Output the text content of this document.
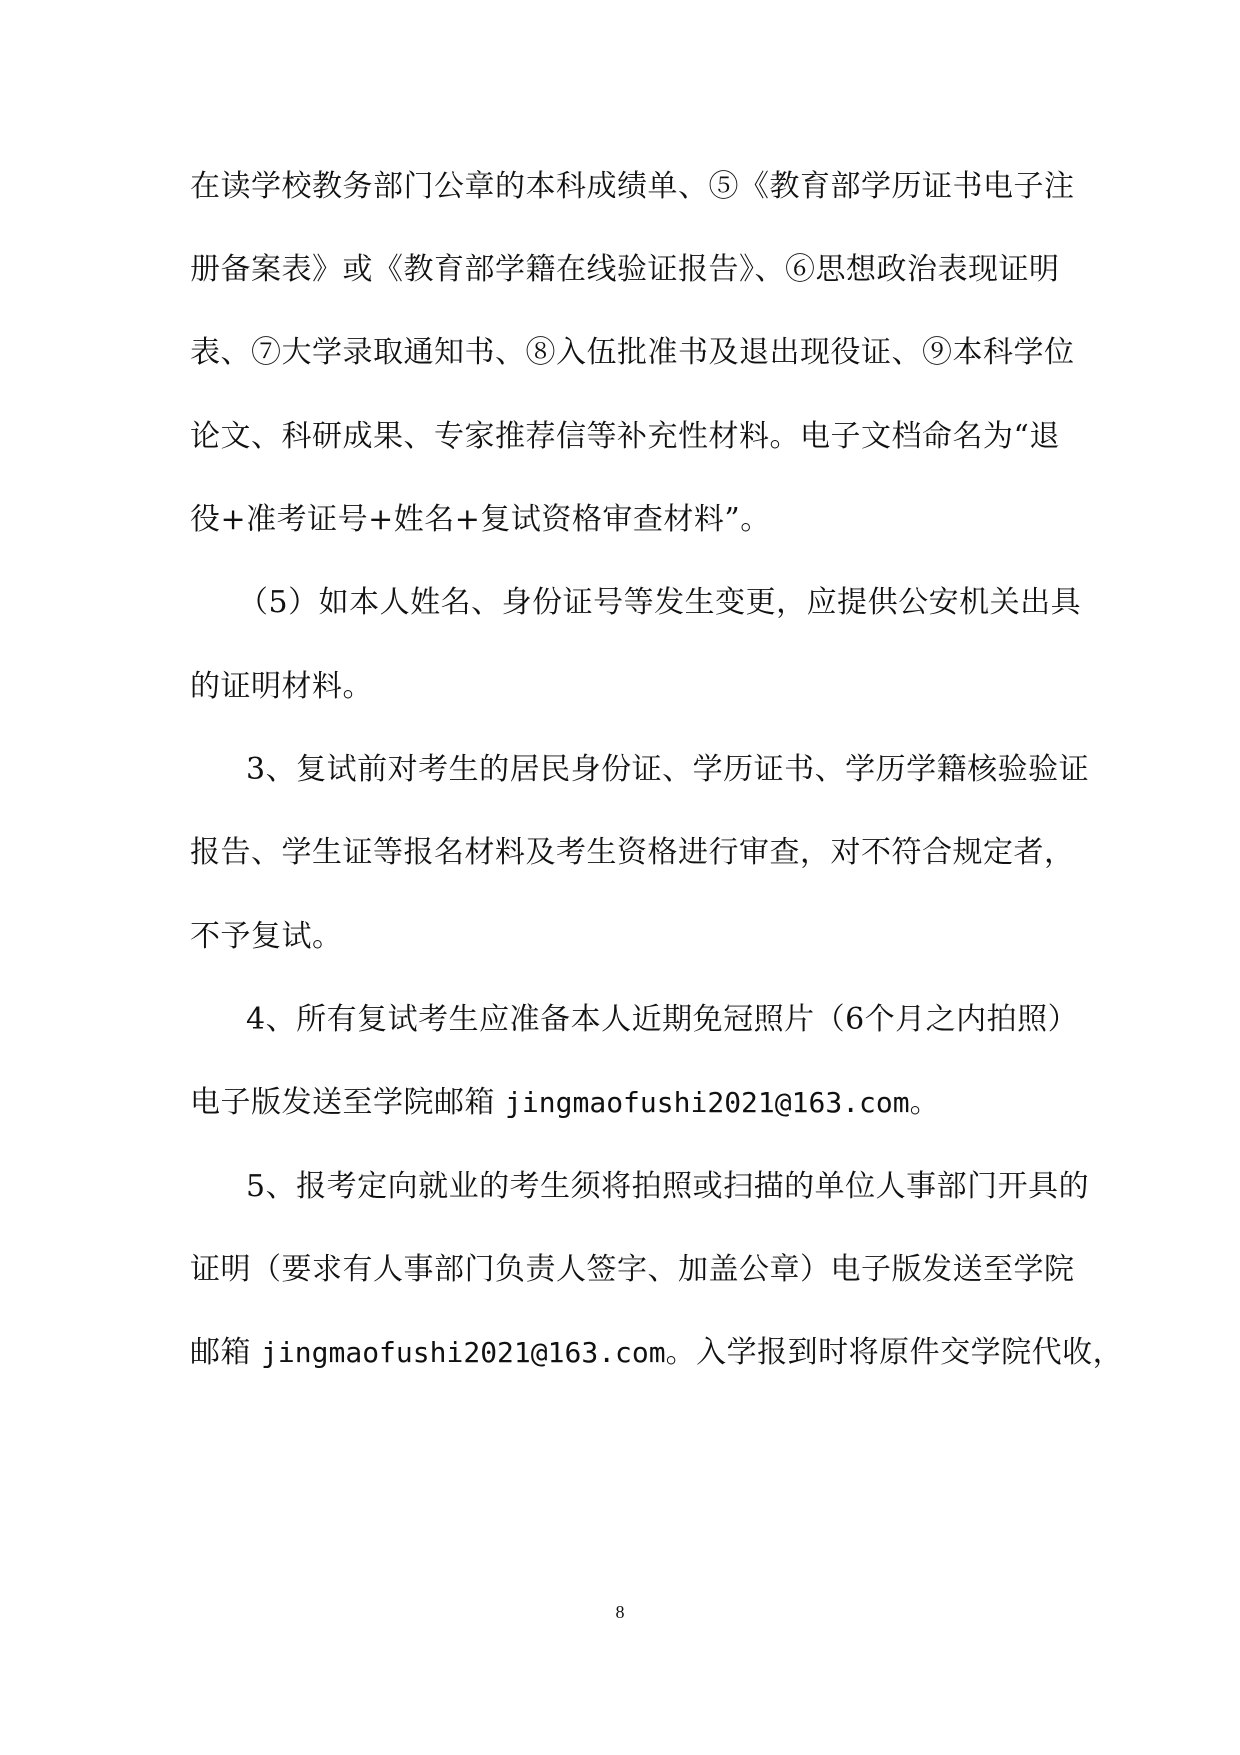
在读学校教务部门公章的本科成绩单、⑤《教育部学历证书电子注
册备案表》或《教育部学籍在线验证报告》、⑥思想政治表现证明
表、⑦大学录取通知书、⑧入伍批准书及退出现役证、⑨本科学位
论文、科研成果、专家推荐信等补充性材料。电子文档命名为“退
役+准考证号+姓名+复试资格审查材料”。
（5）如本人姓名、身份证号等发生变更，应提供公安机关出具
的证明材料。
3、复试前对考生的居民身份证、学历证书、学历学籍核验验证
报告、学生证等报名材料及考生资格进行审查，对不符合规定者，
不予复试。
4、所有复试考生应准备本人近期免冠照片（6个月之内拍照）
电子版发送至学院邮箱 jingmaofushi2021@163.com。
5、报考定向就业的考生须将拍照或扫描的单位人事部门开具的
证明（要求有人事部门负责人签字、加盖公章）电子版发送至学院
邮箱 jingmaofushi2021@163.com。入学报到时将原件交学院代收，
8
